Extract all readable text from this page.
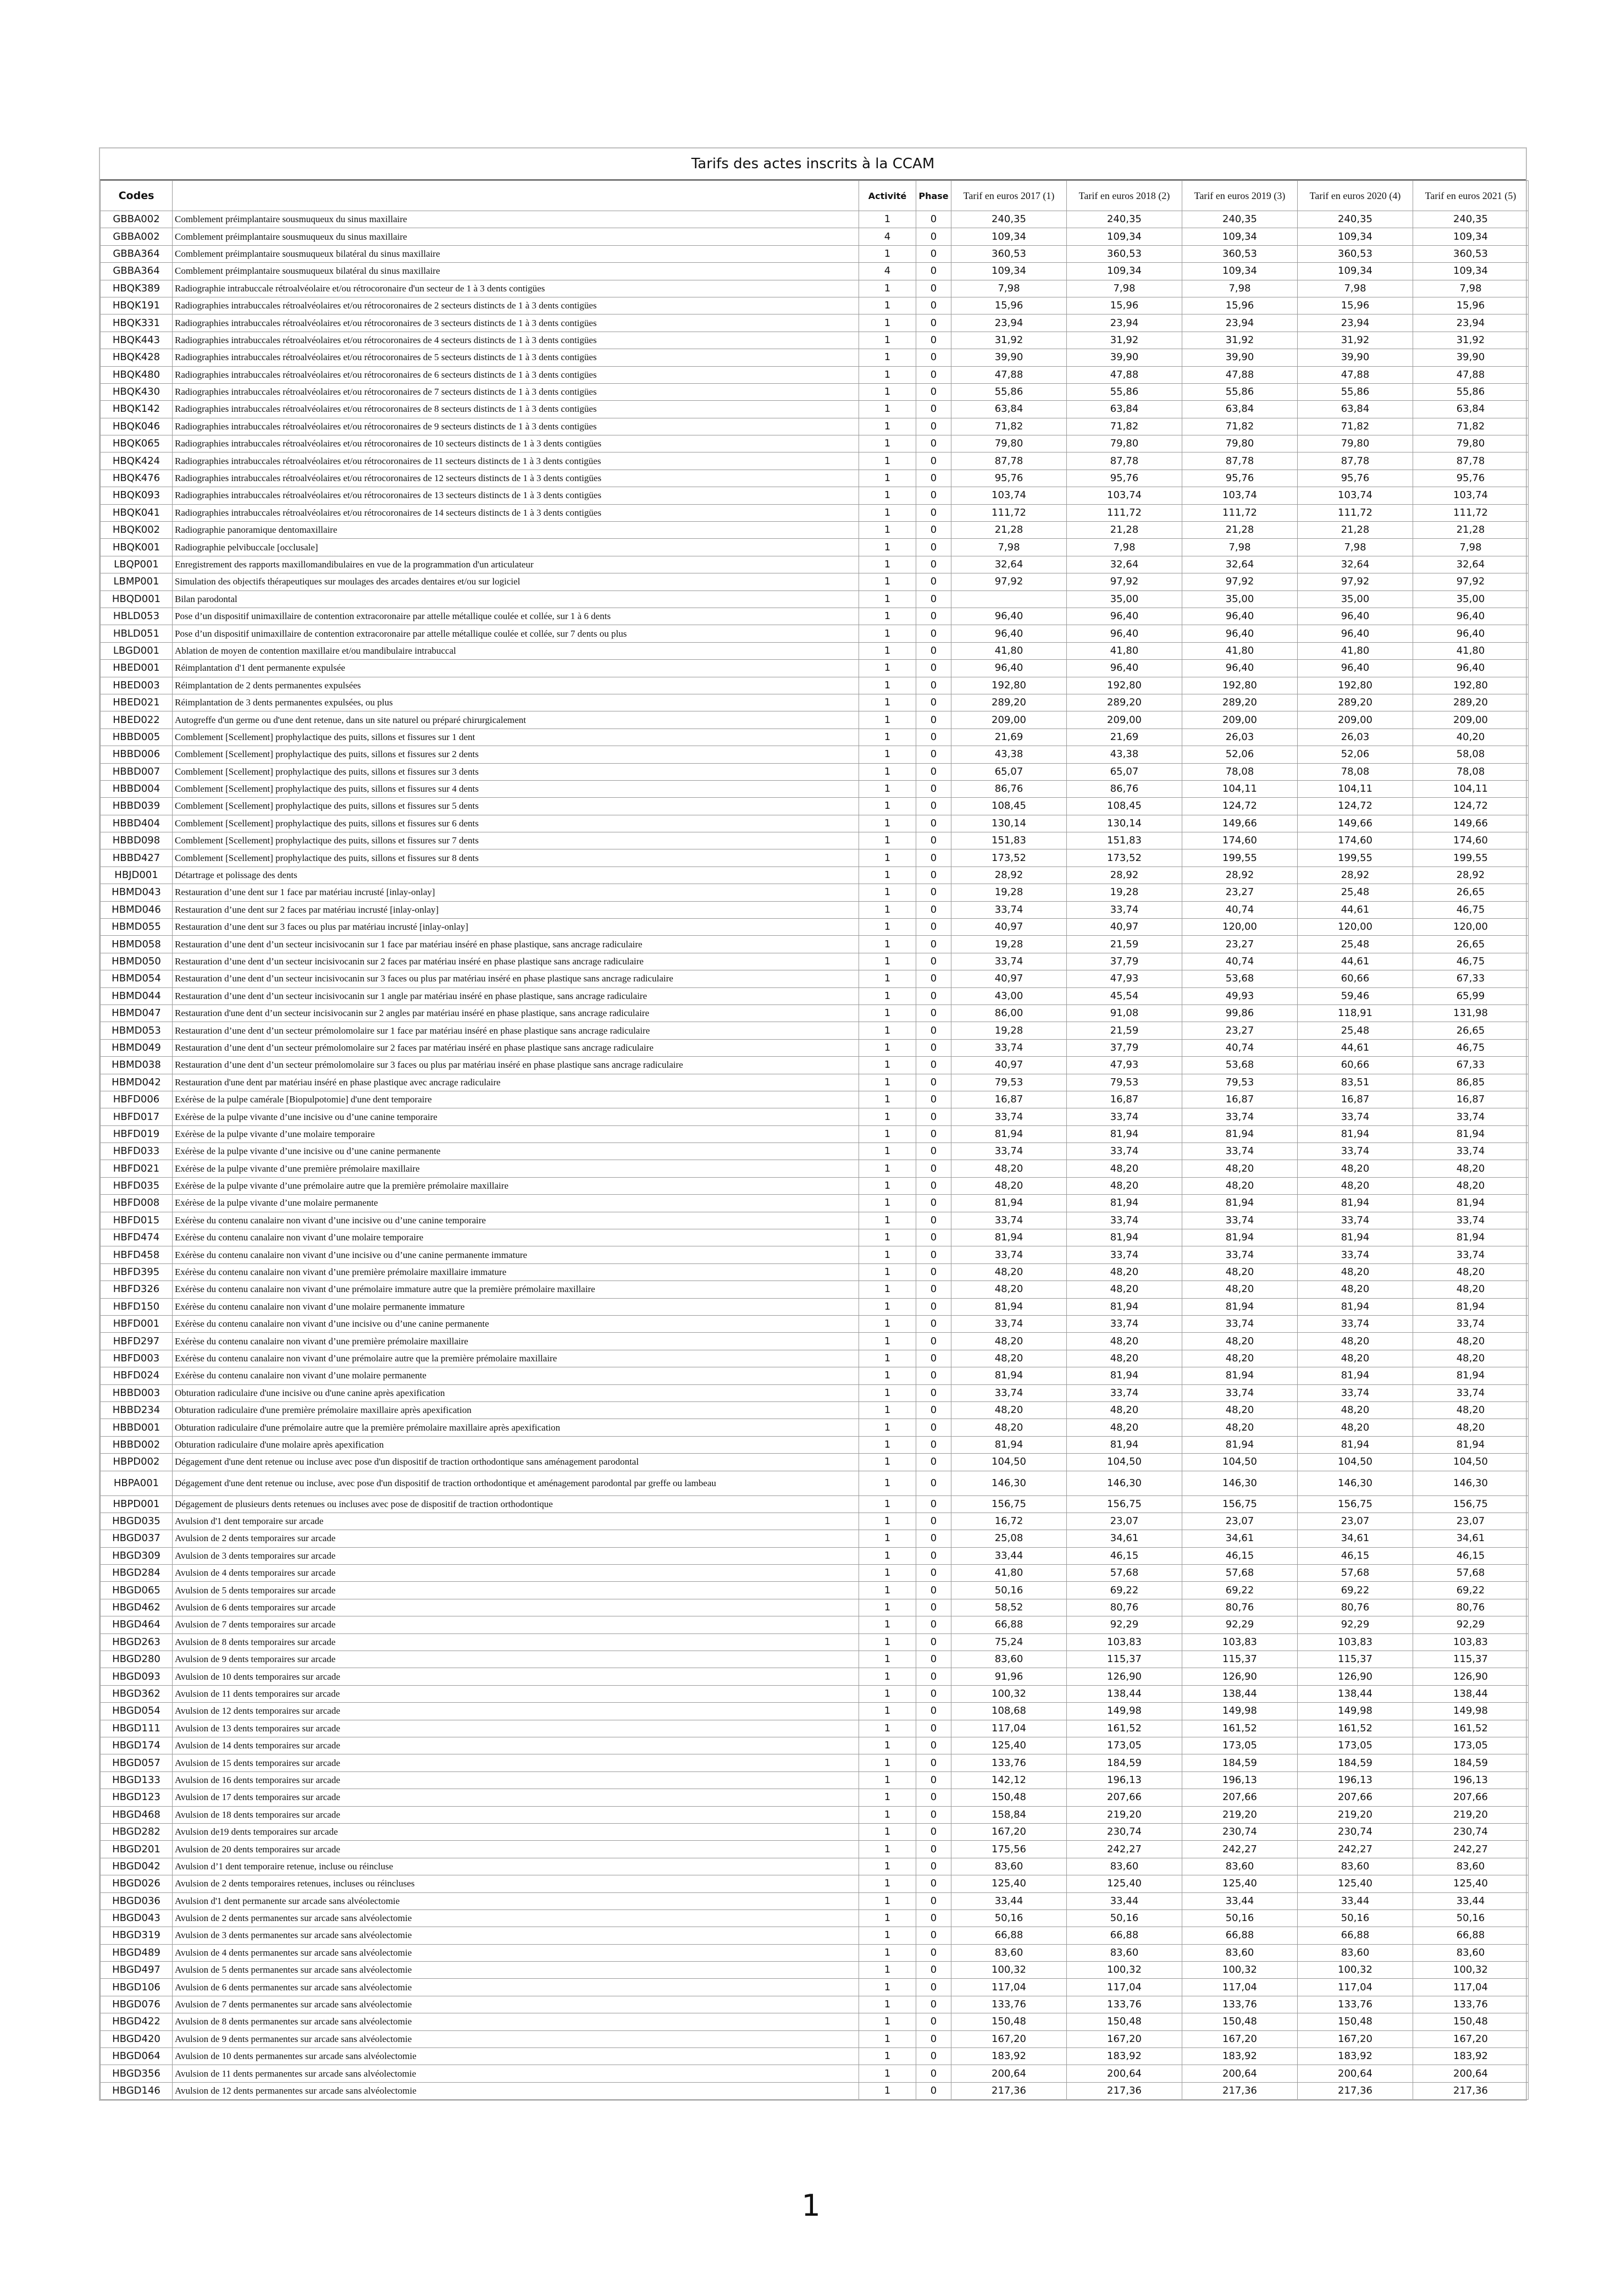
Tarifs des actes inscrits à la CCAM
Codes		Activité	Phase	Tarif en euros 2017 (1)	Tarif en euros 2018 (2)	Tarif en euros 2019 (3)	Tarif en euros 2020 (4)	Tarif en euros 2021 (5)
GBBA002	Comblement préimplantaire sousmuqueux du sinus maxillaire	1	0	240,35	240,35	240,35	240,35	240,35
GBBA002	Comblement préimplantaire sousmuqueux du sinus maxillaire	4	0	109,34	109,34	109,34	109,34	109,34
GBBA364	Comblement préimplantaire sousmuqueux bilatéral du sinus maxillaire	1	0	360,53	360,53	360,53	360,53	360,53
GBBA364	Comblement préimplantaire sousmuqueux bilatéral du sinus maxillaire	4	0	109,34	109,34	109,34	109,34	109,34
HBQK389	Radiographie intrabuccale rétroalvéolaire et/ou rétrocoronaire d'un secteur de 1 à 3 dents contigües	1	0	7,98	7,98	7,98	7,98	7,98
HBQK191	Radiographies intrabuccales rétroalvéolaires et/ou rétrocoronaires de 2 secteurs distincts de 1 à 3 dents contigües	1	0	15,96	15,96	15,96	15,96	15,96
HBQK331	Radiographies intrabuccales rétroalvéolaires et/ou rétrocoronaires de 3 secteurs distincts de 1 à 3 dents contigües	1	0	23,94	23,94	23,94	23,94	23,94
HBQK443	Radiographies intrabuccales rétroalvéolaires et/ou rétrocoronaires de 4 secteurs distincts de 1 à 3 dents contigües	1	0	31,92	31,92	31,92	31,92	31,92
HBQK428	Radiographies intrabuccales rétroalvéolaires et/ou rétrocoronaires de 5 secteurs distincts de 1 à 3 dents contigües	1	0	39,90	39,90	39,90	39,90	39,90
HBQK480	Radiographies intrabuccales rétroalvéolaires et/ou rétrocoronaires de 6 secteurs distincts de 1 à 3 dents contigües	1	0	47,88	47,88	47,88	47,88	47,88
HBQK430	Radiographies intrabuccales rétroalvéolaires et/ou rétrocoronaires de 7 secteurs distincts de 1 à 3 dents contigües	1	0	55,86	55,86	55,86	55,86	55,86
HBQK142	Radiographies intrabuccales rétroalvéolaires et/ou rétrocoronaires de 8 secteurs distincts de 1 à 3 dents contigües	1	0	63,84	63,84	63,84	63,84	63,84
HBQK046	Radiographies intrabuccales rétroalvéolaires et/ou rétrocoronaires de 9 secteurs distincts de 1 à 3 dents contigües	1	0	71,82	71,82	71,82	71,82	71,82
HBQK065	Radiographies intrabuccales rétroalvéolaires et/ou rétrocoronaires de 10 secteurs distincts de 1 à 3 dents contigües	1	0	79,80	79,80	79,80	79,80	79,80
HBQK424	Radiographies intrabuccales rétroalvéolaires et/ou rétrocoronaires de 11 secteurs distincts de 1 à 3 dents contigües	1	0	87,78	87,78	87,78	87,78	87,78
HBQK476	Radiographies intrabuccales rétroalvéolaires et/ou rétrocoronaires de 12 secteurs distincts de 1 à 3 dents contigües	1	0	95,76	95,76	95,76	95,76	95,76
HBQK093	Radiographies intrabuccales rétroalvéolaires et/ou rétrocoronaires de 13 secteurs distincts de 1 à 3 dents contigües	1	0	103,74	103,74	103,74	103,74	103,74
HBQK041	Radiographies intrabuccales rétroalvéolaires et/ou rétrocoronaires de 14 secteurs distincts de 1 à 3 dents contigües	1	0	111,72	111,72	111,72	111,72	111,72
HBQK002	Radiographie panoramique dentomaxillaire	1	0	21,28	21,28	21,28	21,28	21,28
HBQK001	Radiographie pelvibuccale [occlusale]	1	0	7,98	7,98	7,98	7,98	7,98
LBQP001	Enregistrement des rapports maxillomandibulaires en vue de la programmation d'un articulateur	1	0	32,64	32,64	32,64	32,64	32,64
LBMP001	Simulation des objectifs thérapeutiques sur moulages des arcades dentaires et/ou sur logiciel	1	0	97,92	97,92	97,92	97,92	97,92
HBQD001	Bilan parodontal	1	0		35,00	35,00	35,00	35,00
HBLD053	Pose d’un dispositif unimaxillaire de contention extracoronaire par attelle métallique coulée et collée, sur 1 à 6 dents	1	0	96,40	96,40	96,40	96,40	96,40
HBLD051	Pose d’un dispositif unimaxillaire de contention extracoronaire par attelle métallique coulée et collée, sur 7 dents ou plus	1	0	96,40	96,40	96,40	96,40	96,40
LBGD001	Ablation de moyen de contention maxillaire et/ou mandibulaire intrabuccal	1	0	41,80	41,80	41,80	41,80	41,80
HBED001	Réimplantation d'1 dent permanente expulsée	1	0	96,40	96,40	96,40	96,40	96,40
HBED003	Réimplantation de 2 dents permanentes expulsées	1	0	192,80	192,80	192,80	192,80	192,80
HBED021	Réimplantation de 3 dents permanentes expulsées, ou plus	1	0	289,20	289,20	289,20	289,20	289,20
HBED022	Autogreffe d'un germe ou d'une dent retenue, dans un site naturel ou préparé chirurgicalement	1	0	209,00	209,00	209,00	209,00	209,00
HBBD005	Comblement [Scellement] prophylactique des puits, sillons et fissures sur 1 dent	1	0	21,69	21,69	26,03	26,03	40,20
HBBD006	Comblement [Scellement] prophylactique des puits, sillons et fissures sur 2 dents	1	0	43,38	43,38	52,06	52,06	58,08
HBBD007	Comblement [Scellement] prophylactique des puits, sillons et fissures sur 3 dents	1	0	65,07	65,07	78,08	78,08	78,08
HBBD004	Comblement [Scellement] prophylactique des puits, sillons et fissures sur 4 dents	1	0	86,76	86,76	104,11	104,11	104,11
HBBD039	Comblement [Scellement] prophylactique des puits, sillons et fissures sur 5 dents	1	0	108,45	108,45	124,72	124,72	124,72
HBBD404	Comblement [Scellement] prophylactique des puits, sillons et fissures sur 6 dents	1	0	130,14	130,14	149,66	149,66	149,66
HBBD098	Comblement [Scellement] prophylactique des puits, sillons et fissures sur 7 dents	1	0	151,83	151,83	174,60	174,60	174,60
HBBD427	Comblement [Scellement] prophylactique des puits, sillons et fissures sur 8 dents	1	0	173,52	173,52	199,55	199,55	199,55
HBJD001	Détartrage et polissage des dents	1	0	28,92	28,92	28,92	28,92	28,92
HBMD043	Restauration d’une dent sur 1 face par matériau incrusté [inlay-onlay]	1	0	19,28	19,28	23,27	25,48	26,65
HBMD046	Restauration d’une dent sur 2 faces par matériau incrusté [inlay-onlay]	1	0	33,74	33,74	40,74	44,61	46,75
HBMD055	Restauration d’une dent sur 3 faces ou plus par matériau incrusté [inlay-onlay]	1	0	40,97	40,97	120,00	120,00	120,00
HBMD058	Restauration d’une dent d’un secteur incisivocanin sur 1 face par matériau inséré en phase plastique, sans ancrage radiculaire	1	0	19,28	21,59	23,27	25,48	26,65
HBMD050	Restauration d’une dent d’un secteur incisivocanin sur 2 faces par matériau inséré en phase plastique sans ancrage radiculaire	1	0	33,74	37,79	40,74	44,61	46,75
HBMD054	Restauration d’une dent d’un secteur incisivocanin sur 3 faces ou plus par matériau inséré en phase plastique sans ancrage radiculaire	1	0	40,97	47,93	53,68	60,66	67,33
HBMD044	Restauration d’une dent d’un secteur incisivocanin sur 1 angle par matériau inséré en phase plastique, sans ancrage radiculaire	1	0	43,00	45,54	49,93	59,46	65,99
HBMD047	Restauration d'une dent d’un secteur incisivocanin sur 2 angles par matériau inséré en phase plastique, sans ancrage radiculaire	1	0	86,00	91,08	99,86	118,91	131,98
HBMD053	Restauration d’une dent d’un secteur prémolomolaire sur 1 face par matériau inséré en phase plastique sans ancrage radiculaire	1	0	19,28	21,59	23,27	25,48	26,65
HBMD049	Restauration d’une dent d’un secteur prémolomolaire sur 2 faces par matériau inséré en phase plastique sans ancrage radiculaire	1	0	33,74	37,79	40,74	44,61	46,75
HBMD038	Restauration d’une dent d’un secteur prémolomolaire sur 3 faces ou plus par matériau inséré en phase plastique sans ancrage radiculaire	1	0	40,97	47,93	53,68	60,66	67,33
HBMD042	Restauration d'une dent par matériau inséré en phase plastique avec ancrage radiculaire	1	0	79,53	79,53	79,53	83,51	86,85
HBFD006	Exérèse de la pulpe camérale [Biopulpotomie] d'une dent temporaire	1	0	16,87	16,87	16,87	16,87	16,87
HBFD017	Exérèse de la pulpe vivante d’une incisive ou d’une canine temporaire	1	0	33,74	33,74	33,74	33,74	33,74
HBFD019	Exérèse de la pulpe vivante d’une molaire temporaire	1	0	81,94	81,94	81,94	81,94	81,94
HBFD033	Exérèse de la pulpe vivante d’une incisive ou d’une canine permanente	1	0	33,74	33,74	33,74	33,74	33,74
HBFD021	Exérèse de la pulpe vivante d’une première prémolaire maxillaire	1	0	48,20	48,20	48,20	48,20	48,20
HBFD035	Exérèse de la pulpe vivante d’une prémolaire autre que la première prémolaire maxillaire	1	0	48,20	48,20	48,20	48,20	48,20
HBFD008	Exérèse de la pulpe vivante d’une molaire permanente	1	0	81,94	81,94	81,94	81,94	81,94
HBFD015	Exérèse du contenu canalaire non vivant d’une incisive ou d’une canine temporaire	1	0	33,74	33,74	33,74	33,74	33,74
HBFD474	Exérèse du contenu canalaire non vivant d’une molaire temporaire	1	0	81,94	81,94	81,94	81,94	81,94
HBFD458	Exérèse du contenu canalaire non vivant d’une incisive ou d’une canine permanente immature	1	0	33,74	33,74	33,74	33,74	33,74
HBFD395	Exérèse du contenu canalaire non vivant d’une première prémolaire maxillaire immature	1	0	48,20	48,20	48,20	48,20	48,20
HBFD326	Exérèse du contenu canalaire non vivant d’une prémolaire immature autre que la première prémolaire maxillaire	1	0	48,20	48,20	48,20	48,20	48,20
HBFD150	Exérèse du contenu canalaire non vivant d’une molaire permanente immature	1	0	81,94	81,94	81,94	81,94	81,94
HBFD001	Exérèse du contenu canalaire non vivant d’une incisive ou d’une canine permanente	1	0	33,74	33,74	33,74	33,74	33,74
HBFD297	Exérèse du contenu canalaire non vivant d’une première prémolaire maxillaire	1	0	48,20	48,20	48,20	48,20	48,20
HBFD003	Exérèse du contenu canalaire non vivant d’une prémolaire autre que la première prémolaire maxillaire	1	0	48,20	48,20	48,20	48,20	48,20
HBFD024	Exérèse du contenu canalaire non vivant d’une molaire permanente	1	0	81,94	81,94	81,94	81,94	81,94
HBBD003	Obturation radiculaire d'une incisive ou d'une canine après apexification	1	0	33,74	33,74	33,74	33,74	33,74
HBBD234	Obturation radiculaire d'une première prémolaire maxillaire après apexification	1	0	48,20	48,20	48,20	48,20	48,20
HBBD001	Obturation radiculaire d'une prémolaire autre que la première prémolaire maxillaire après apexification	1	0	48,20	48,20	48,20	48,20	48,20
HBBD002	Obturation radiculaire d'une molaire après apexification	1	0	81,94	81,94	81,94	81,94	81,94
HBPD002	Dégagement d'une dent retenue ou incluse avec pose d'un dispositif de traction orthodontique sans aménagement parodontal	1	0	104,50	104,50	104,50	104,50	104,50
HBPA001	Dégagement d'une dent retenue ou incluse, avec pose d'un dispositif de traction orthodontique et aménagement parodontal par greffe ou lambeau	1	0	146,30	146,30	146,30	146,30	146,30
HBPD001	Dégagement de plusieurs dents retenues ou incluses avec pose de dispositif de traction orthodontique	1	0	156,75	156,75	156,75	156,75	156,75
HBGD035	Avulsion d'1 dent temporaire sur arcade	1	0	16,72	23,07	23,07	23,07	23,07
HBGD037	Avulsion de 2 dents temporaires sur arcade	1	0	25,08	34,61	34,61	34,61	34,61
HBGD309	Avulsion de 3 dents temporaires sur arcade	1	0	33,44	46,15	46,15	46,15	46,15
HBGD284	Avulsion de 4 dents temporaires sur arcade	1	0	41,80	57,68	57,68	57,68	57,68
HBGD065	Avulsion de 5 dents temporaires sur arcade	1	0	50,16	69,22	69,22	69,22	69,22
HBGD462	Avulsion de 6 dents temporaires sur arcade	1	0	58,52	80,76	80,76	80,76	80,76
HBGD464	Avulsion de 7 dents temporaires sur arcade	1	0	66,88	92,29	92,29	92,29	92,29
HBGD263	Avulsion de 8 dents temporaires sur arcade	1	0	75,24	103,83	103,83	103,83	103,83
HBGD280	Avulsion de 9 dents temporaires sur arcade	1	0	83,60	115,37	115,37	115,37	115,37
HBGD093	Avulsion de 10 dents temporaires sur arcade	1	0	91,96	126,90	126,90	126,90	126,90
HBGD362	Avulsion de 11 dents temporaires sur arcade	1	0	100,32	138,44	138,44	138,44	138,44
HBGD054	Avulsion de 12 dents temporaires sur arcade	1	0	108,68	149,98	149,98	149,98	149,98
HBGD111	Avulsion de 13 dents temporaires sur arcade	1	0	117,04	161,52	161,52	161,52	161,52
HBGD174	Avulsion de 14 dents temporaires sur arcade	1	0	125,40	173,05	173,05	173,05	173,05
HBGD057	Avulsion de 15 dents temporaires sur arcade	1	0	133,76	184,59	184,59	184,59	184,59
HBGD133	Avulsion de 16 dents temporaires sur arcade	1	0	142,12	196,13	196,13	196,13	196,13
HBGD123	Avulsion de 17 dents temporaires sur arcade	1	0	150,48	207,66	207,66	207,66	207,66
HBGD468	Avulsion de 18 dents temporaires sur arcade	1	0	158,84	219,20	219,20	219,20	219,20
HBGD282	Avulsion de19 dents temporaires sur arcade	1	0	167,20	230,74	230,74	230,74	230,74
HBGD201	Avulsion de 20 dents temporaires sur arcade	1	0	175,56	242,27	242,27	242,27	242,27
HBGD042	Avulsion d’1 dent temporaire retenue, incluse ou réincluse	1	0	83,60	83,60	83,60	83,60	83,60
HBGD026	Avulsion de 2 dents temporaires retenues, incluses ou réincluses	1	0	125,40	125,40	125,40	125,40	125,40
HBGD036	Avulsion d'1 dent permanente sur arcade sans alvéolectomie	1	0	33,44	33,44	33,44	33,44	33,44
HBGD043	Avulsion de 2 dents permanentes sur arcade sans alvéolectomie	1	0	50,16	50,16	50,16	50,16	50,16
HBGD319	Avulsion de 3 dents permanentes sur arcade sans alvéolectomie	1	0	66,88	66,88	66,88	66,88	66,88
HBGD489	Avulsion de 4 dents permanentes sur arcade sans alvéolectomie	1	0	83,60	83,60	83,60	83,60	83,60
HBGD497	Avulsion de 5 dents permanentes sur arcade sans alvéolectomie	1	0	100,32	100,32	100,32	100,32	100,32
HBGD106	Avulsion de 6 dents permanentes sur arcade sans alvéolectomie	1	0	117,04	117,04	117,04	117,04	117,04
HBGD076	Avulsion de 7 dents permanentes sur arcade sans alvéolectomie	1	0	133,76	133,76	133,76	133,76	133,76
HBGD422	Avulsion de 8 dents permanentes sur arcade sans alvéolectomie	1	0	150,48	150,48	150,48	150,48	150,48
HBGD420	Avulsion de 9 dents permanentes sur arcade sans alvéolectomie	1	0	167,20	167,20	167,20	167,20	167,20
HBGD064	Avulsion de 10 dents permanentes sur arcade sans alvéolectomie	1	0	183,92	183,92	183,92	183,92	183,92
HBGD356	Avulsion de 11 dents permanentes sur arcade sans alvéolectomie	1	0	200,64	200,64	200,64	200,64	200,64
HBGD146	Avulsion de 12 dents permanentes sur arcade sans alvéolectomie	1	0	217,36	217,36	217,36	217,36	217,36
1
